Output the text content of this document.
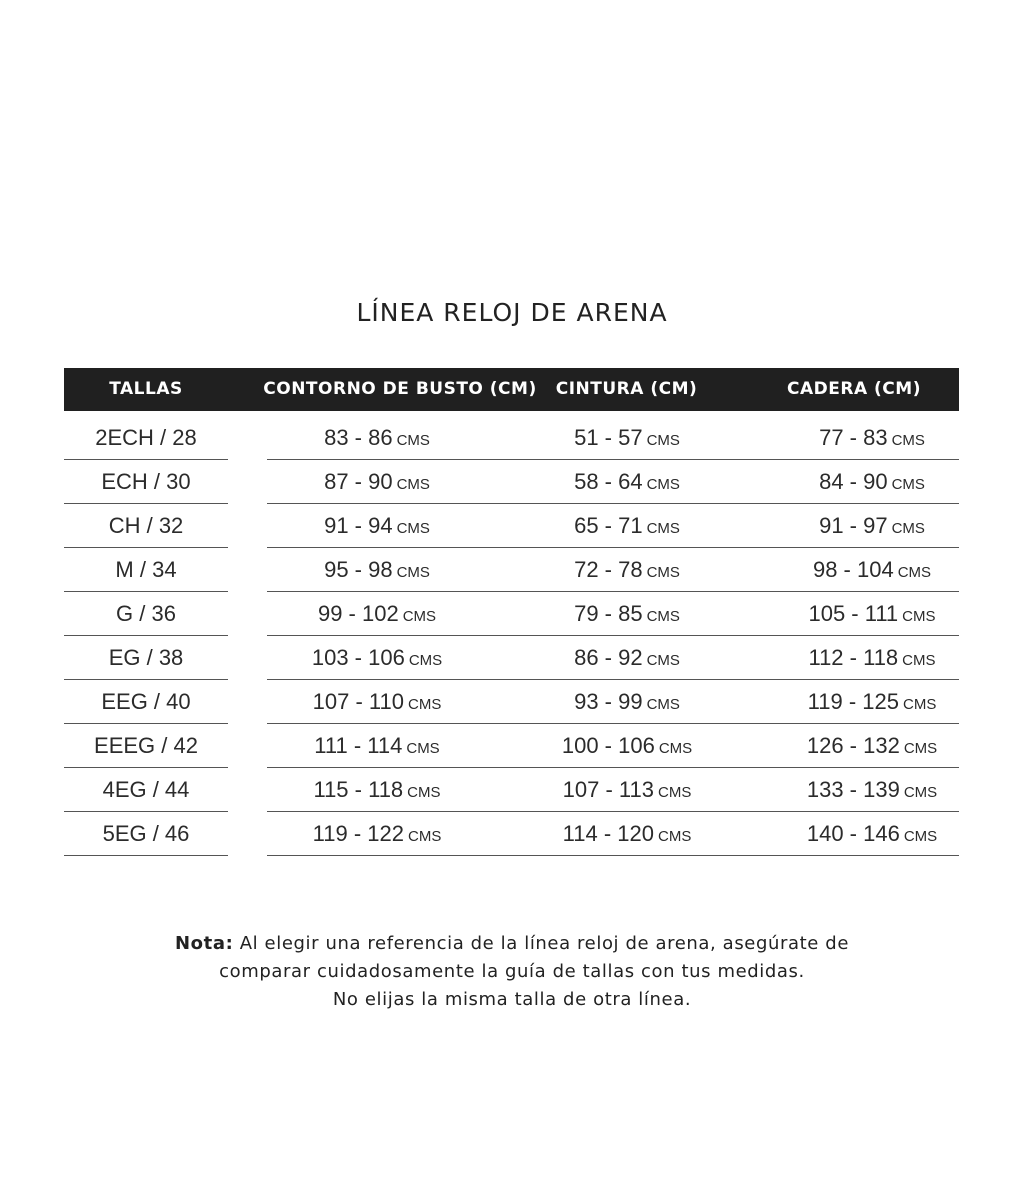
LÍNEA RELOJ DE ARENA
TALLAS	CONTORNO DE BUSTO (CM)	CINTURA (CM)	CADERA (CM)
2ECH / 28	83 - 86 CMS	51 - 57 CMS	77 - 83 CMS
ECH / 30	87 - 90 CMS	58 - 64 CMS	84 - 90 CMS
CH / 32	91 - 94 CMS	65 - 71 CMS	91 - 97 CMS
M / 34	95 - 98 CMS	72 - 78 CMS	98 - 104 CMS
G / 36	99 - 102 CMS	79 - 85 CMS	105 - 111 CMS
EG / 38	103 - 106 CMS	86 - 92 CMS	112 - 118 CMS
EEG / 40	107 - 110 CMS	93 - 99 CMS	119 - 125 CMS
EEEG / 42	111 - 114 CMS	100 - 106 CMS	126 - 132 CMS
4EG / 44	115 - 118 CMS	107 - 113 CMS	133 - 139 CMS
5EG / 46	119 - 122 CMS	114 - 120 CMS	140 - 146 CMS
Nota: Al elegir una referencia de la línea reloj de arena, asegúrate de
comparar cuidadosamente la guía de tallas con tus medidas.
No elijas la misma talla de otra línea.
